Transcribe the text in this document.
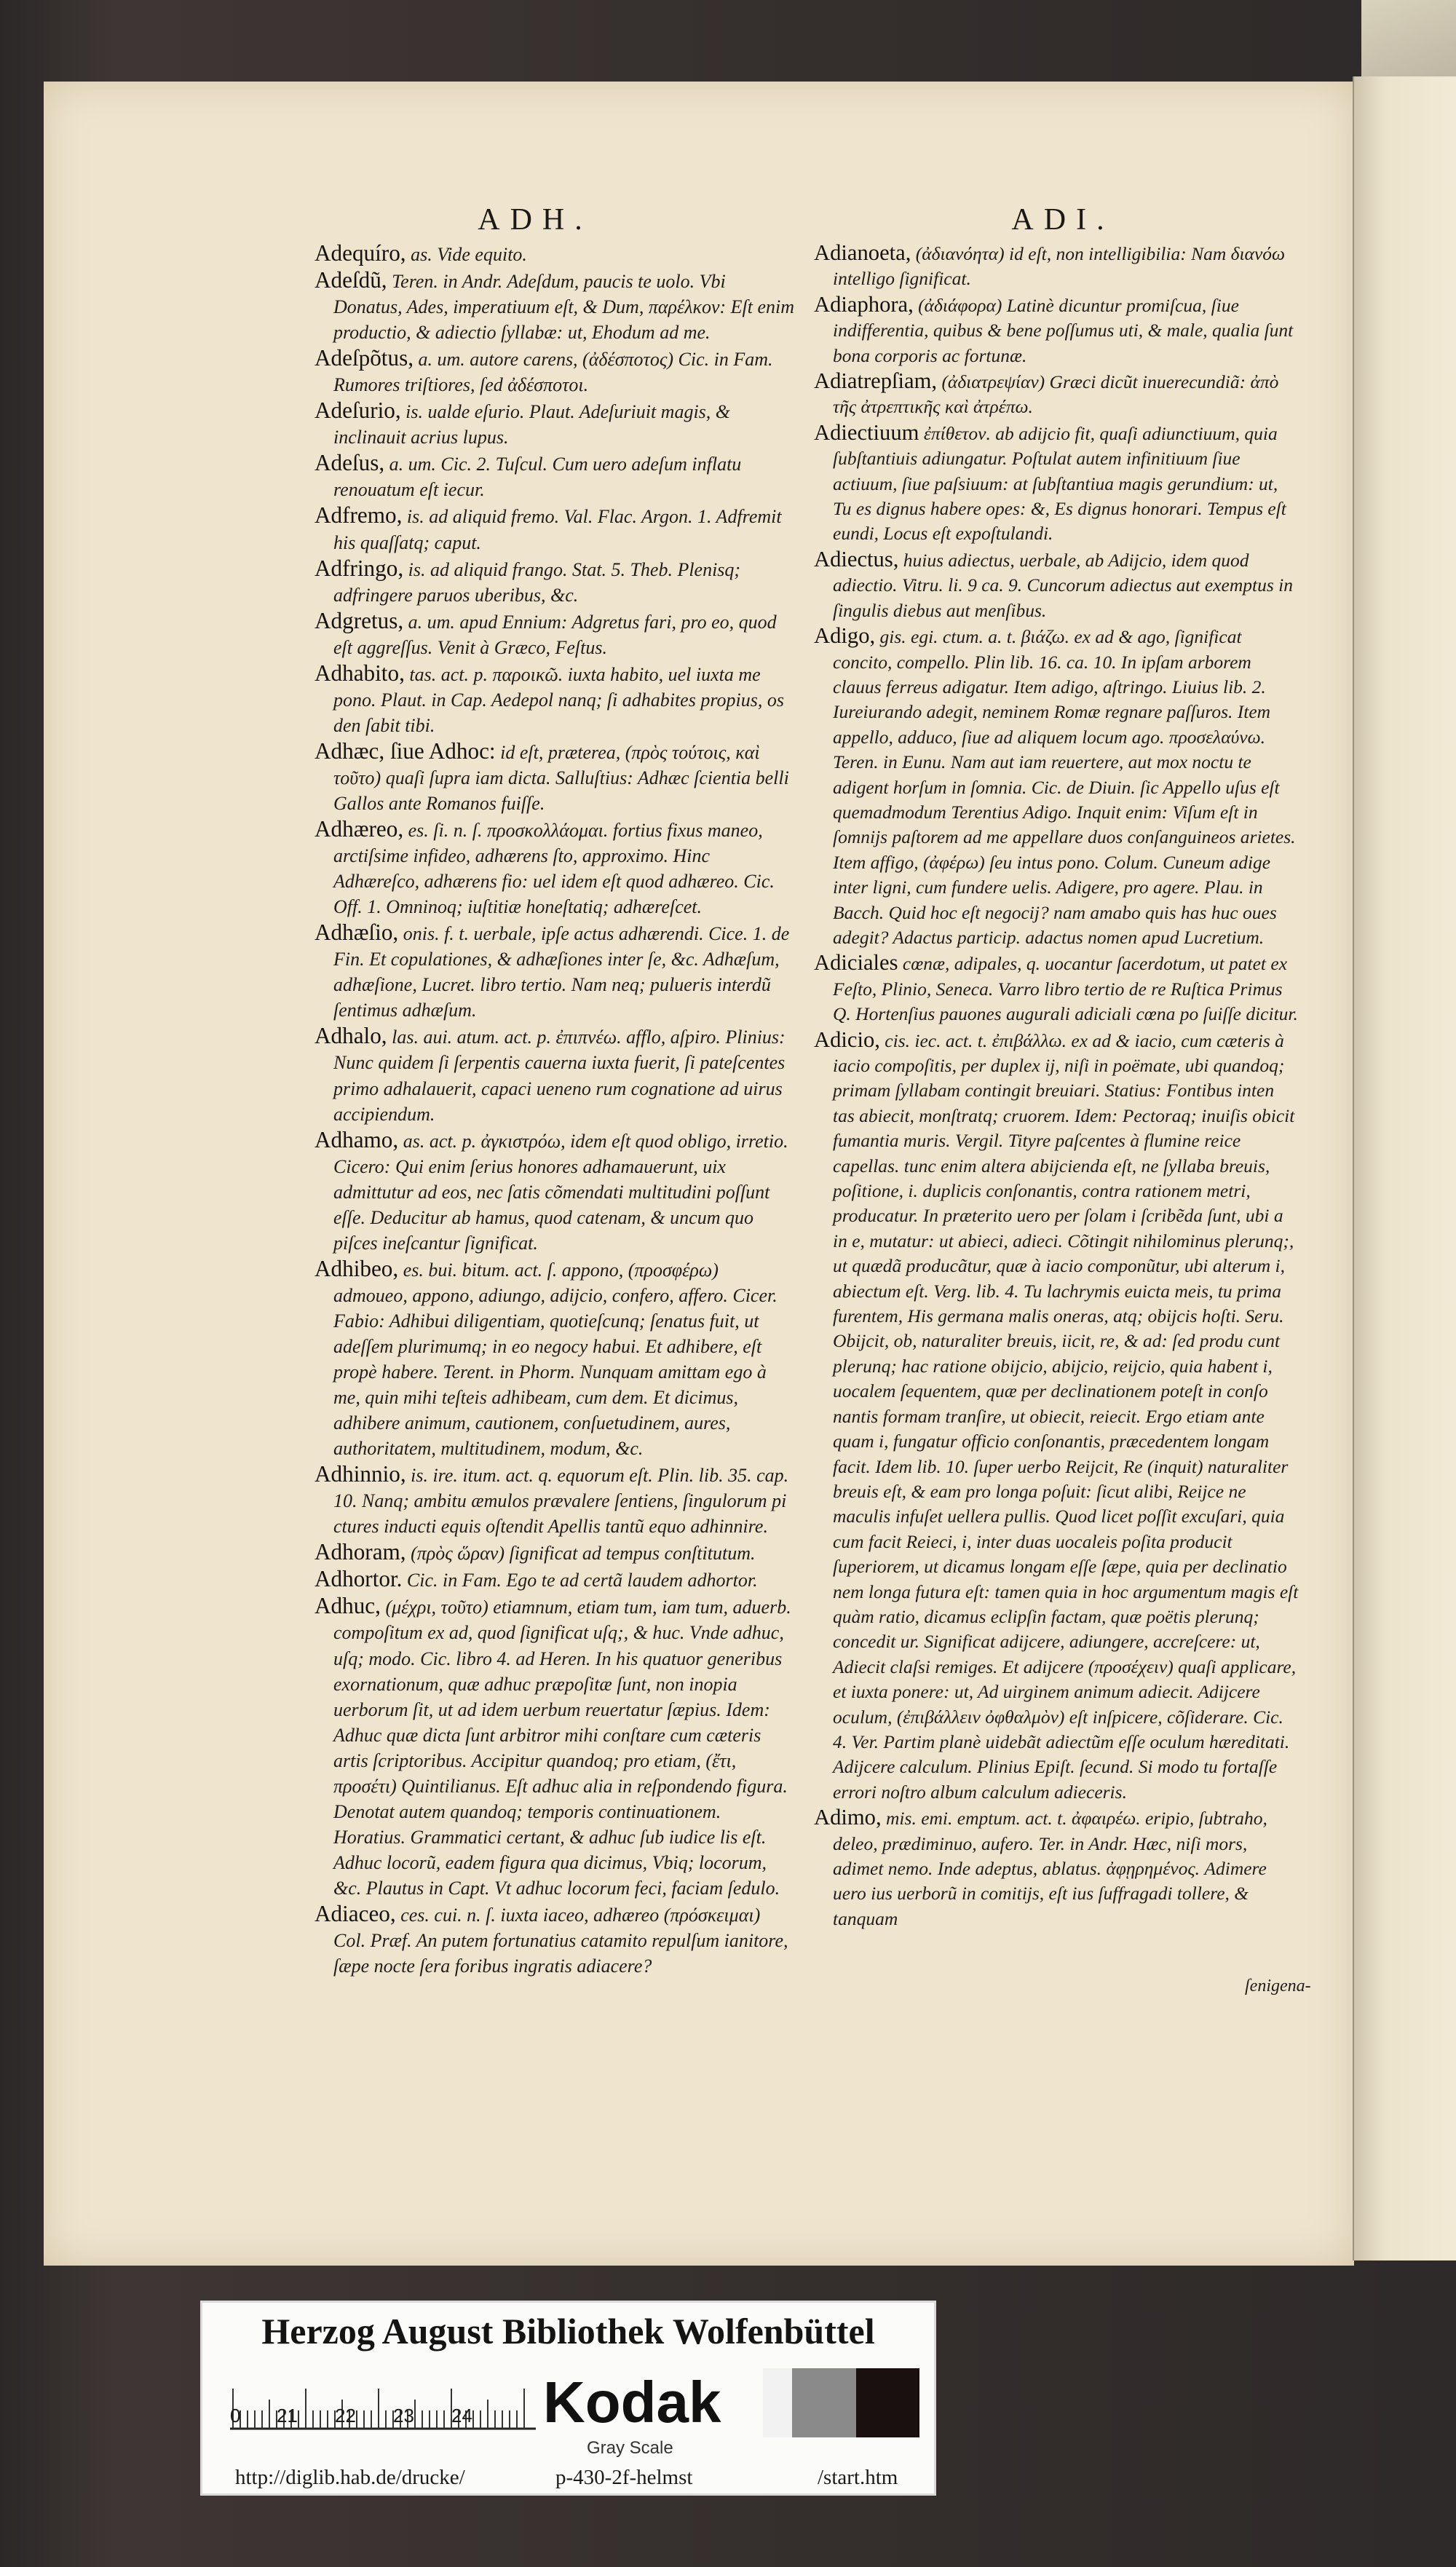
ADH.	ADI.
Adequíro, as. Vide equito.
Adeſdũ, Teren. in Andr. Adeſdum, paucis te uolo. Vbi Donatus, Ades, imperatiuum eſt, & Dum, παρέλκον: Eſt enim productio, & adiectio ſyllabæ: ut, Ehodum ad me.
Adeſpõtus, a. um. autore carens, (ἀδέσποτος) Cic. in Fam. Rumores triſtiores, ſed ἀδέσποτοι.
Adeſurio, is. ualde eſurio. Plaut. Adeſuriuit magis, & inclinauit acrius lupus.
Adeſus, a. um. Cic. 2. Tuſcul. Cum uero adeſum inflatu renouatum eſt iecur.
Adfremo, is. ad aliquid fremo. Val. Flac. Argon. 1. Adfremit his quaſſatq; caput.
Adfringo, is. ad aliquid frango. Stat. 5. Theb. Plenisq; adfringere paruos uberibus, &c.
Adgretus, a. um. apud Ennium: Adgretus fari, pro eo, quod eſt aggreſſus. Venit à Græco, Feſtus.
Adhabito, tas. act. p. παροικῶ. iuxta habito, uel iuxta me pono. Plaut. in Cap. Aedepol nanq; ſi adhabites propius, os den ſabit tibi.
Adhæc, ſiue Adhoc: id eſt, præterea, (πρὸς τούτοις, καὶ τοῦτο) quaſi ſupra iam dicta. Salluſtius: Adhæc ſcientia belli Gallos ante Romanos fuiſſe.
Adhæreo, es. ſi. n. ſ. προσκολλάομαι. fortius fixus maneo, arctiſsime infideo, adhærens ſto, approximo. Hinc Adhæreſco, adhærens fio: uel idem eſt quod adhæreo. Cic. Off. 1. Omninoq; iuſtitiæ honeſtatiq; adhæreſcet.
Adhæſio, onis. f. t. uerbale, ipſe actus adhærendi. Cice. 1. de Fin. Et copulationes, & adhæſiones inter ſe, &c. Adhæſum, adhæſione, Lucret. libro tertio. Nam neq; pulueris interdũ ſentimus adhæſum.
Adhalo, las. aui. atum. act. p. ἐπιπνέω. afflo, aſpiro. Plinius: Nunc quidem ſi ſerpentis cauerna iuxta fuerit, ſi pateſcentes primo adhalauerit, capaci ueneno rum cognatione ad uirus accipiendum.
Adhamo, as. act. p. ἀγκιστρόω, idem eſt quod obligo, irretio. Cicero: Qui enim ſerius honores adhamauerunt, uix admittutur ad eos, nec ſatis cõmendati multitudini poſſunt eſſe. Deducitur ab hamus, quod catenam, & uncum quo piſces ineſcantur ſignificat.
Adhibeo, es. bui. bitum. act. ſ. appono, (προσφέρω) admoueo, appono, adiungo, adijcio, confero, affero. Cicer. Fabio: Adhibui diligentiam, quotieſcunq; ſenatus fuit, ut adeſſem plurimumq; in eo negocy habui. Et adhibere, eſt propè habere. Terent. in Phorm. Nunquam amittam ego à me, quin mihi teſteis adhibeam, cum dem. Et dicimus, adhibere animum, cautionem, conſuetudinem, aures, authoritatem, multitudinem, modum, &c.
Adhinnio, is. ire. itum. act. q. equorum eſt. Plin. lib. 35. cap. 10. Nanq; ambitu æmulos prævalere ſentiens, ſingulorum pi ctures inducti equis oſtendit Apellis tantũ equo adhinnire.
Adhoram, (πρὸς ὥραν) ſignificat ad tempus conſtitutum.
Adhortor. Cic. in Fam. Ego te ad certã laudem adhortor.
Adhuc, (μέχρι, τοῦτο) etiamnum, etiam tum, iam tum, aduerb. compoſitum ex ad, quod ſignificat uſq;, & huc. Vnde adhuc, uſq; modo. Cic. libro 4. ad Heren. In his quatuor generibus exornationum, quæ adhuc præpoſitæ ſunt, non inopia uerborum ſit, ut ad idem uerbum reuertatur ſæpius. Idem: Adhuc quæ dicta ſunt arbitror mihi conſtare cum cæteris artis ſcriptoribus. Accipitur quandoq; pro etiam, (ἔτι, προσέτι) Quintilianus. Eſt adhuc alia in reſpondendo figura. Denotat autem quandoq; temporis continuationem. Horatius. Grammatici certant, & adhuc ſub iudice lis eſt. Adhuc locorũ, eadem figura qua dicimus, Vbiq; locorum, &c. Plautus in Capt. Vt adhuc locorum feci, faciam ſedulo.
Adiaceo, ces. cui. n. ſ. iuxta iaceo, adhæreo (πρόσκειμαι) Col. Præf. An putem fortunatius catamito repulſum ianitore, ſæpe nocte ſera foribus ingratis adiacere?
Adianoeta, (ἀδιανόητα) id eſt, non intelligibilia: Nam διανόω intelligo ſignificat.
Adiaphora, (ἀδιάφορα) Latinè dicuntur promiſcua, ſiue indifferentia, quibus & bene poſſumus uti, & male, qualia ſunt bona corporis ac fortunæ.
Adiatrepſiam, (ἀδιατρεψίαν) Græci dicũt inuerecundiã: ἀπὸ τῆς ἀτρεπτικῆς καὶ ἀτρέπω.
Adiectiuum ἐπίθετον. ab adijcio fit, quaſi adiunctiuum, quia ſubſtantiuis adiungatur. Poſtulat autem infinitiuum ſiue actiuum, ſiue paſsiuum: at ſubſtantiua magis gerundium: ut, Tu es dignus habere opes: &, Es dignus honorari. Tempus eſt eundi, Locus eſt expoſtulandi.
Adiectus, huius adiectus, uerbale, ab Adijcio, idem quod adiectio. Vitru. li. 9 ca. 9. Cuncorum adiectus aut exemptus in ſingulis diebus aut menſibus.
Adigo, gis. egi. ctum. a. t. βιάζω. ex ad & ago, ſignificat concito, compello. Plin lib. 16. ca. 10. In ipſam arborem clauus ferreus adigatur. Item adigo, aſtringo. Liuius lib. 2. Iureiurando adegit, neminem Romæ regnare paſſuros. Item appello, adduco, ſiue ad aliquem locum ago. προσελαύνω. Teren. in Eunu. Nam aut iam reuertere, aut mox noctu te adigent horſum in ſomnia. Cic. de Diuin. ſic Appello uſus eſt quemadmodum Terentius Adigo. Inquit enim: Viſum eſt in ſomnijs paſtorem ad me appellare duos conſanguineos arietes. Item affigo, (ἀφέρω) ſeu intus pono. Colum. Cuneum adige inter ligni, cum fundere uelis. Adigere, pro agere. Plau. in Bacch. Quid hoc eſt negocij? nam amabo quis has huc oues adegit? Adactus particip. adactus nomen apud Lucretium.
Adiciales cœnæ, adipales, q. uocantur ſacerdotum, ut patet ex Feſto, Plinio, Seneca. Varro libro tertio de re Ruſtica Primus Q. Hortenſius pauones augurali adiciali cœna po ſuiſſe dicitur.
Adicio, cis. iec. act. t. ἐπιβάλλω. ex ad & iacio, cum cæteris à iacio compoſitis, per duplex ij, niſi in poëmate, ubi quandoq; primam ſyllabam contingit breuiari. Statius: Fontibus inten tas abiecit, monſtratq; cruorem. Idem: Pectoraq; inuiſis obicit fumantia muris. Vergil. Tityre paſcentes à flumine reice capellas. tunc enim altera abijcienda eſt, ne ſyllaba breuis, poſitione, i. duplicis conſonantis, contra rationem metri, producatur. In præterito uero per ſolam i ſcribẽda ſunt, ubi a in e, mutatur: ut abieci, adieci. Cõtingit nihilominus plerunq;, ut quædã producãtur, quæ à iacio componũtur, ubi alterum i, abiectum eſt. Verg. lib. 4. Tu lachrymis euicta meis, tu prima furentem, His germana malis oneras, atq; obijcis hoſti. Seru. Obijcit, ob, naturaliter breuis, iicit, re, & ad: ſed produ cunt plerunq; hac ratione obijcio, abijcio, reijcio, quia habent i, uocalem ſequentem, quæ per declinationem poteſt in conſo nantis formam tranſire, ut obiecit, reiecit. Ergo etiam ante quam i, fungatur officio conſonantis, præcedentem longam facit. Idem lib. 10. ſuper uerbo Reijcit, Re (inquit) naturaliter breuis eſt, & eam pro longa poſuit: ſicut alibi, Reijce ne maculis infuſet uellera pullis. Quod licet poſſit excuſari, quia cum facit Reieci, i, inter duas uocaleis poſita producit ſuperiorem, ut dicamus longam eſſe ſæpe, quia per declinatio nem longa futura eſt: tamen quia in hoc argumentum magis eſt quàm ratio, dicamus eclipſin factam, quæ poëtis plerunq; concedit ur. Significat adijcere, adiungere, accreſcere: ut, Adiecit claſsi remiges. Et adijcere (προσέχειν) quaſi applicare, et iuxta ponere: ut, Ad uirginem animum adiecit. Adijcere oculum, (ἐπιβάλλειν ὀφθαλμὸν) eſt inſpicere, cõſiderare. Cic. 4. Ver. Partim planè uidebãt adiectũm eſſe oculum hæreditati. Adijcere calculum. Plinius Epiſt. ſecund. Si modo tu fortaſſe errori noſtro album calculum adieceris.
Adimo, mis. emi. emptum. act. t. ἀφαιρέω. eripio, ſubtraho, deleo, prædiminuo, aufero. Ter. in Andr. Hæc, niſi mors, adimet nemo. Inde adeptus, ablatus. ἀφῃρημένος. Adimere uero ius uerborũ in comitijs, eſt ius ſuffragadi tollere, & tanquam
ſenigena-
Herzog August Bibliothek Wolfenbüttel
0 21 22 23 24 Kodak
Gray Scale
http://diglib.hab.de/drucke/	p-430-2f-helmst	/start.htm
